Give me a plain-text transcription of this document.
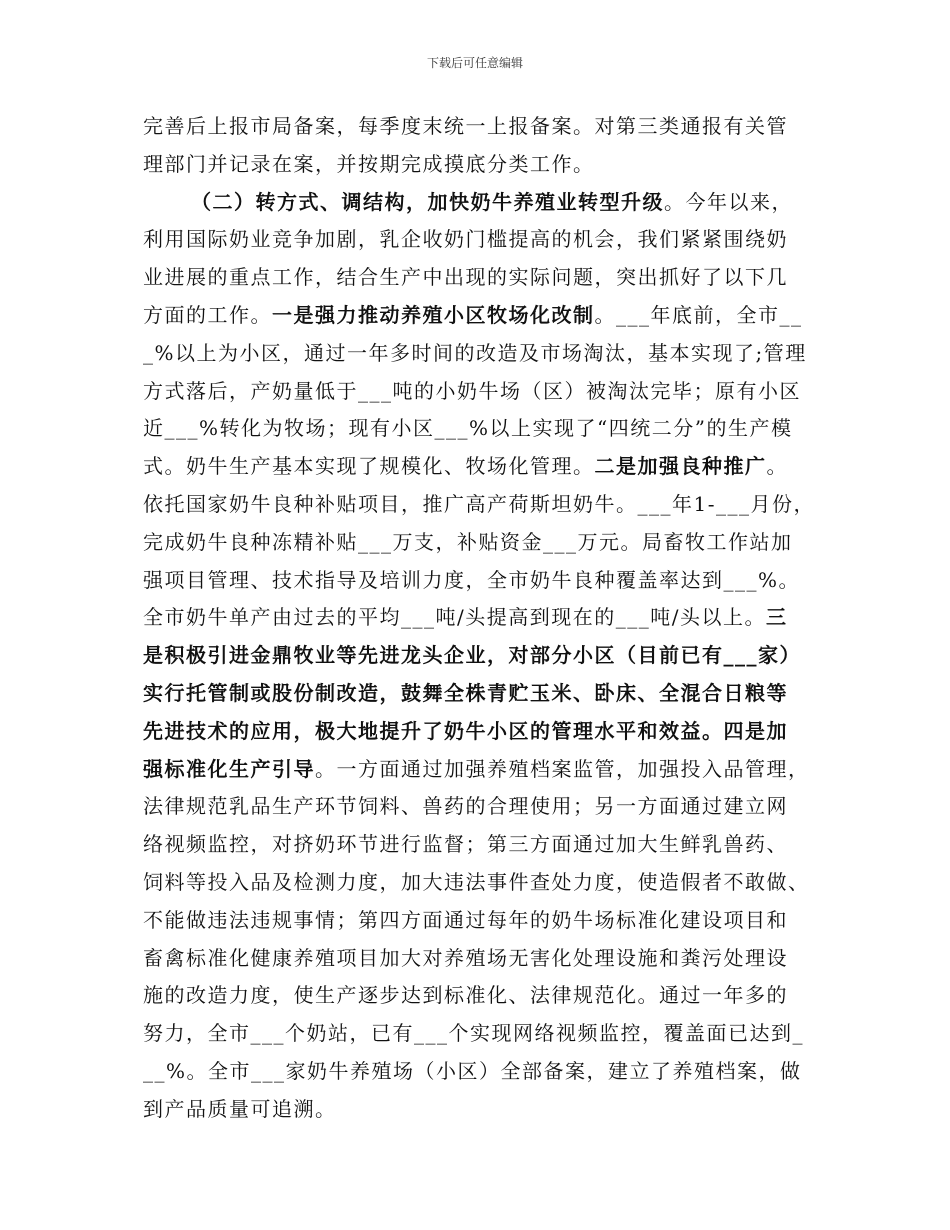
下载后可任意编辑
完善后上报市局备案，每季度末统一上报备案。对第三类通报有关管
理部门并记录在案，并按期完成摸底分类工作。
（二）转方式、调结构，加快奶牛养殖业转型升级。今年以来，
利用国际奶业竞争加剧，乳企收奶门槛提高的机会，我们紧紧围绕奶
业进展的重点工作，结合生产中出现的实际问题，突出抓好了以下几
方面的工作。一是强力推动养殖小区牧场化改制。___年底前，全市__
_%以上为小区，通过一年多时间的改造及市场淘汰，基本实现了;管理
方式落后，产奶量低于___吨的小奶牛场（区）被淘汰完毕；原有小区
近___%转化为牧场；现有小区___%以上实现了“四统二分”的生产模
式。奶牛生产基本实现了规模化、牧场化管理。二是加强良种推广。
依托国家奶牛良种补贴项目，推广高产荷斯坦奶牛。___年1-___月份，
完成奶牛良种冻精补贴___万支，补贴资金___万元。局畜牧工作站加
强项目管理、技术指导及培训力度，全市奶牛良种覆盖率达到___%。
全市奶牛单产由过去的平均___吨/头提高到现在的___吨/头以上。三
是积极引进金鼎牧业等先进龙头企业，对部分小区（目前已有___家）
实行托管制或股份制改造，鼓舞全株青贮玉米、卧床、全混合日粮等
先进技术的应用，极大地提升了奶牛小区的管理水平和效益。四是加
强标准化生产引导。一方面通过加强养殖档案监管，加强投入品管理，
法律规范乳品生产环节饲料、兽药的合理使用；另一方面通过建立网
络视频监控，对挤奶环节进行监督；第三方面通过加大生鲜乳兽药、
饲料等投入品及检测力度，加大违法事件查处力度，使造假者不敢做、
不能做违法违规事情；第四方面通过每年的奶牛场标准化建设项目和
畜禽标准化健康养殖项目加大对养殖场无害化处理设施和粪污处理设
施的改造力度，使生产逐步达到标准化、法律规范化。通过一年多的
努力，全市___个奶站，已有___个实现网络视频监控，覆盖面已达到_
__%。全市___家奶牛养殖场（小区）全部备案，建立了养殖档案，做
到产品质量可追溯。
